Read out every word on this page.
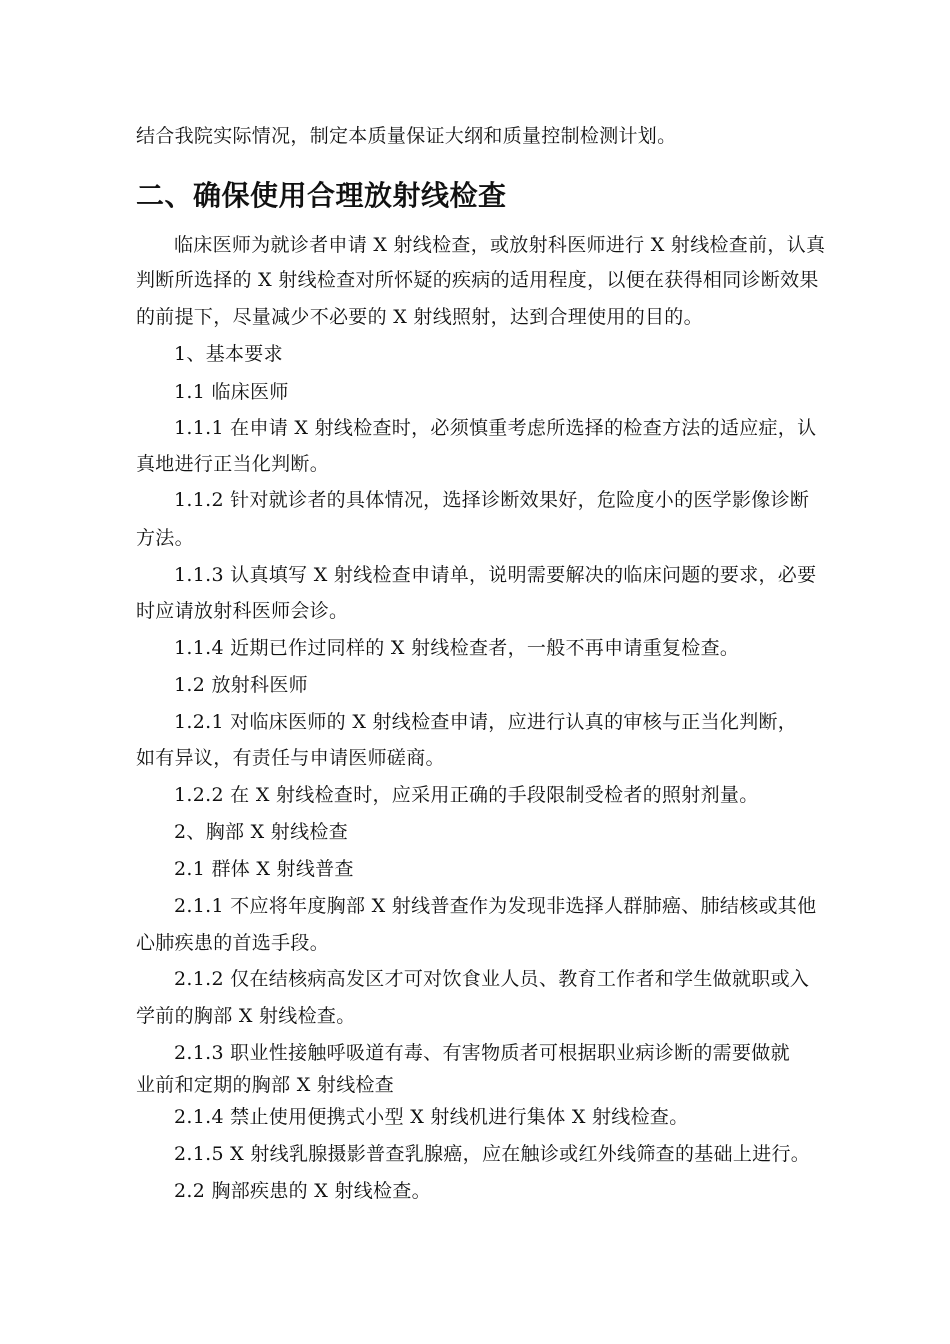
结合我院实际情况，制定本质量保证大纲和质量控制检测计划。
二、确保使用合理放射线检查
临床医师为就诊者申请 X 射线检查，或放射科医师进行 X 射线检查前，认真
判断所选择的 X 射线检查对所怀疑的疾病的适用程度，以便在获得相同诊断效果
的前提下，尽量减少不必要的 X 射线照射，达到合理使用的目的。
1、基本要求
1.1 临床医师
1.1.1 在申请 X 射线检查时，必须慎重考虑所选择的检查方法的适应症，认
真地进行正当化判断。
1.1.2 针对就诊者的具体情况，选择诊断效果好，危险度小的医学影像诊断
方法。
1.1.3 认真填写 X 射线检查申请单，说明需要解决的临床问题的要求，必要
时应请放射科医师会诊。
1.1.4 近期已作过同样的 X 射线检查者，一般不再申请重复检查。
1.2 放射科医师
1.2.1 对临床医师的 X 射线检查申请，应进行认真的审核与正当化判断，
如有异议，有责任与申请医师磋商。
1.2.2 在 X 射线检查时，应采用正确的手段限制受检者的照射剂量。
2、胸部 X 射线检查
2.1 群体 X 射线普查
2.1.1 不应将年度胸部 X 射线普查作为发现非选择人群肺癌、肺结核或其他
心肺疾患的首选手段。
2.1.2 仅在结核病高发区才可对饮食业人员、教育工作者和学生做就职或入
学前的胸部 X 射线检查。
2.1.3 职业性接触呼吸道有毒、有害物质者可根据职业病诊断的需要做就
业前和定期的胸部 X 射线检查
2.1.4 禁止使用便携式小型 X 射线机进行集体 X 射线检查。
2.1.5 X 射线乳腺摄影普查乳腺癌，应在触诊或红外线筛查的基础上进行。
2.2 胸部疾患的 X 射线检查。
